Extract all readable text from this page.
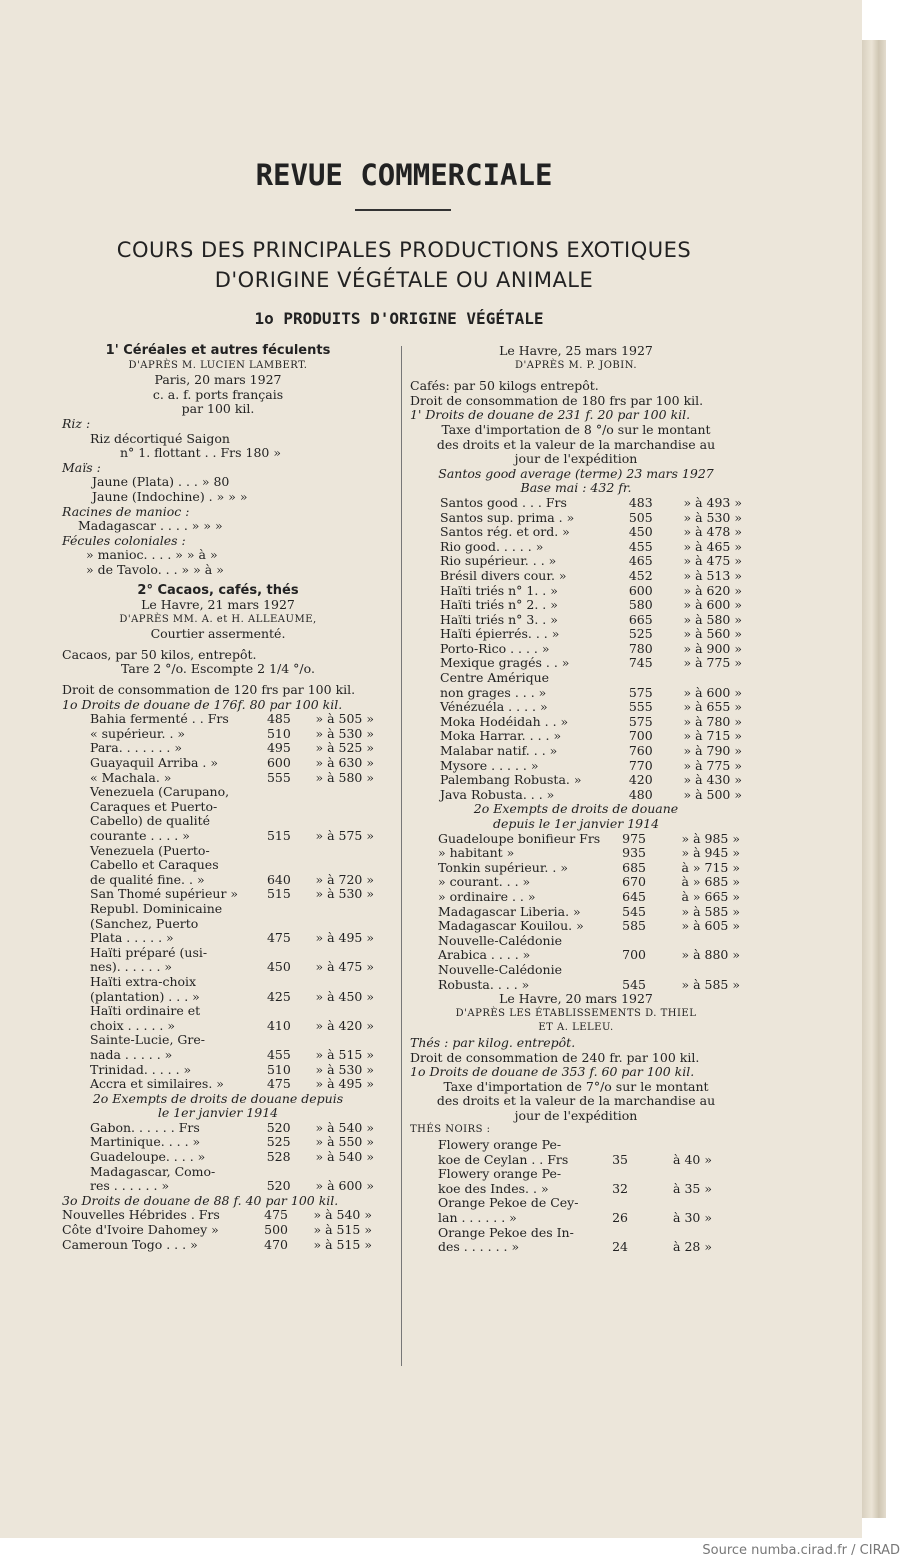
REVUE COMMERCIALE
COURS DES PRINCIPALES PRODUCTIONS EXOTIQUES
D'ORIGINE VÉGÉTALE OU ANIMALE
1o PRODUITS D'ORIGINE VÉGÉTALE
1' Céréales et autres féculents
D'APRÈS M. LUCIEN LAMBERT.
Paris, 20 mars 1927
c. a. f. ports français
par 100 kil.
Riz :
Riz décortiqué Saigon
n° 1. flottant . . Frs 180 »
Maïs :
Jaune (Plata) . . . » 80
Jaune (Indochine) . » » »
Racines de manioc :
Madagascar . . . . » » »
Fécules coloniales :
» manioc. . . . » » à »
» de Tavolo. . . » » à »
2° Cacaos, cafés, thés
Le Havre, 21 mars 1927
D'APRÈS MM. A. et H. ALLEAUME,
Courtier assermenté.
Cacaos, par 50 kilos, entrepôt.
Tare 2 °/o. Escompte 2 1/4 °/o.
Droit de consommation de 120 frs par 100 kil.
1o Droits de douane de 176f. 80 par 100 kil.
Bahia fermenté . . Frs	485	» à 505 »
« supérieur. . »	510	» à 530 »
Para. . . . . . . »	495	» à 525 »
Guayaquil Arriba . »	600	» à 630 »
« Machala. »	555	» à 580 »
Venezuela (Carupano,		
Caraques et Puerto-		
Cabello) de qualité		
courante . . . . »	515	» à 575 »
Venezuela (Puerto-		
Cabello et Caraques		
de qualité fine. . »	640	» à 720 »
San Thomé supérieur »	515	» à 530 »
Republ. Dominicaine		
(Sanchez, Puerto		
Plata . . . . . »	475	» à 495 »
Haïti préparé (usi-		
nes). . . . . . »	450	» à 475 »
Haïti extra-choix		
(plantation) . . . »	425	» à 450 »
Haïti ordinaire et		
choix . . . . . »	410	» à 420 »
Sainte-Lucie, Gre-		
nada . . . . . »	455	» à 515 »
Trinidad. . . . . »	510	» à 530 »
Accra et similaires. »	475	» à 495 »
2o Exempts de droits de douane depuis
le 1er janvier 1914
Gabon. . . . . . Frs	520	» à 540 »
Martinique. . . . »	525	» à 550 »
Guadeloupe. . . . »	528	» à 540 »
Madagascar, Como-		
res . . . . . . »	520	» à 600 »
3o Droits de douane de 88 f. 40 par 100 kil.
Nouvelles Hébrides . Frs	475	» à 540 »
Côte d'Ivoire Dahomey »	500	» à 515 »
Cameroun Togo . . . »	470	» à 515 »
Le Havre, 25 mars 1927
D'APRÈS M. P. JOBIN.
Cafés: par 50 kilogs entrepôt.
Droit de consommation de 180 frs par 100 kil.
1' Droits de douane de 231 f. 20 par 100 kil.
Taxe d'importation de 8 °/o sur le montant
des droits et la valeur de la marchandise au
jour de l'expédition
Santos good average (terme) 23 mars 1927
Base mai : 432 fr.
Santos good . . . Frs	483	» à 493 »
Santos sup. prima . »	505	» à 530 »
Santos rég. et ord. »	450	» à 478 »
Rio good. . . . . »	455	» à 465 »
Rio supérieur. . . »	465	» à 475 »
Brésil divers cour. »	452	» à 513 »
Haïti triés n° 1. . »	600	» à 620 »
Haïti triés n° 2. . »	580	» à 600 »
Haïti triés n° 3. . »	665	» à 580 »
Haïti épierrés. . . »	525	» à 560 »
Porto-Rico . . . . »	780	» à 900 »
Mexique gragés . . »	745	» à 775 »
Centre Amérique		
non grages . . . »	575	» à 600 »
Vénézuéla . . . . »	555	» à 655 »
Moka Hodéidah . . »	575	» à 780 »
Moka Harrar. . . . »	700	» à 715 »
Malabar natif. . . »	760	» à 790 »
Mysore . . . . . »	770	» à 775 »
Palembang Robusta. »	420	» à 430 »
Java Robusta. . . »	480	» à 500 »
2o Exempts de droits de douane
depuis le 1er janvier 1914
Guadeloupe bonifieur Frs	975	» à 985 »
» habitant »	935	» à 945 »
Tonkin supérieur. . »	685	à » 715 »
» courant. . . »	670	à » 685 »
» ordinaire . . »	645	à » 665 »
Madagascar Liberia. »	545	» à 585 »
Madagascar Kouilou. »	585	» à 605 »
Nouvelle-Calédonie		
Arabica . . . . »	700	» à 880 »
Nouvelle-Calédonie		
Robusta. . . . »	545	» à 585 »
Le Havre, 20 mars 1927
D'APRÈS LES ÉTABLISSEMENTS D. THIEL
ET A. LELEU.
Thés : par kilog. entrepôt.
Droit de consommation de 240 fr. par 100 kil.
1o Droits de douane de 353 f. 60 par 100 kil.
Taxe d'importation de 7°/o sur le montant
des droits et la valeur de la marchandise au
jour de l'expédition
THÉS NOIRS :
Flowery orange Pe-		
koe de Ceylan . . Frs	35	à 40 »
Flowery orange Pe-		
koe des Indes. . »	32	à 35 »
Orange Pekoe de Cey-		
lan . . . . . . »	26	à 30 »
Orange Pekoe des In-		
des . . . . . . »	24	à 28 »
Source numba.cirad.fr / CIRAD
